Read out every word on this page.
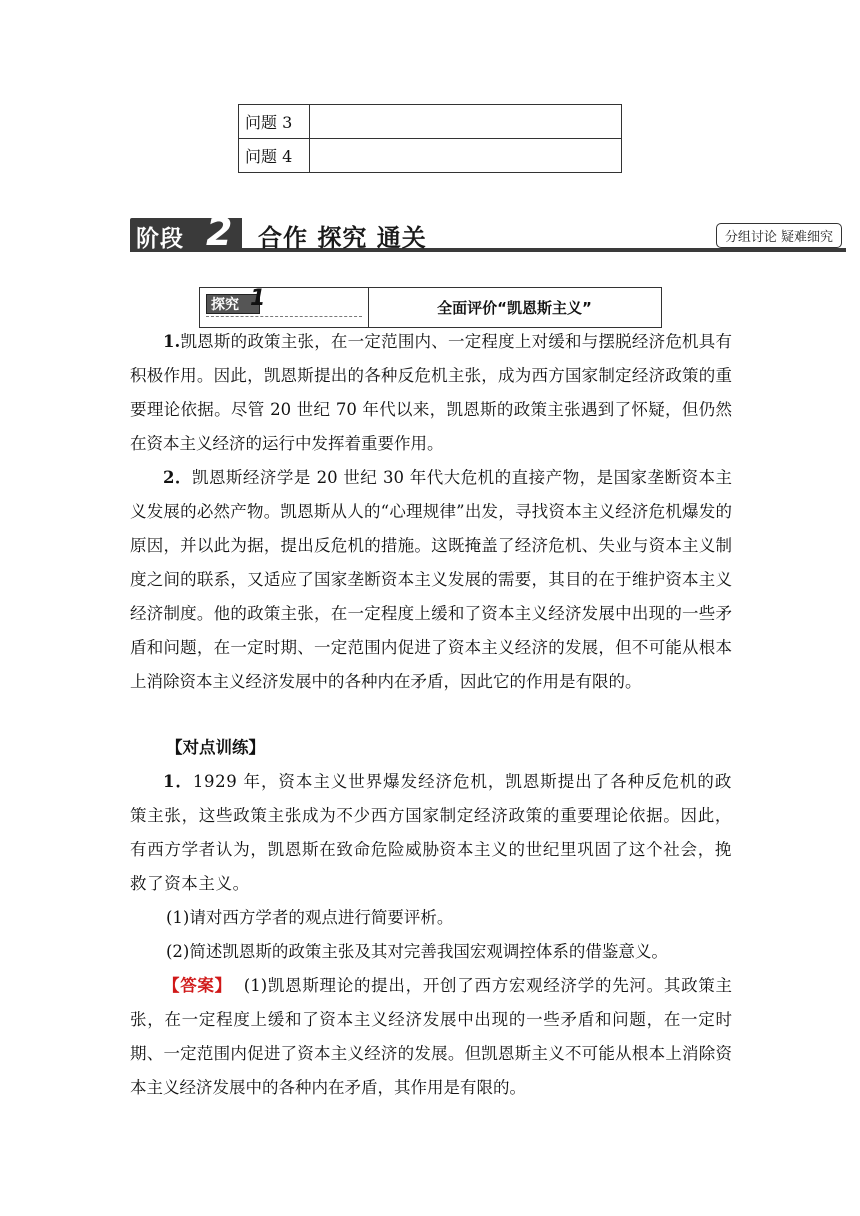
问题 3	
问题 4	
阶段 2 合作 探究 通关	分组讨论 疑难细究
探究 1	全面评价“凯恩斯主义”

1.凯恩斯的政策主张，在一定范围内、一定程度上对缓和与摆脱经济危机具有积极作用。因此，凯恩斯提出的各种反危机主张，成为西方国家制定经济政策的重要理论依据。尽管 20 世纪 70 年代以来，凯恩斯的政策主张遇到了怀疑，但仍然在资本主义经济的运行中发挥着重要作用。

2．凯恩斯经济学是 20 世纪 30 年代大危机的直接产物，是国家垄断资本主义发展的必然产物。凯恩斯从人的“心理规律”出发，寻找资本主义经济危机爆发的原因，并以此为据，提出反危机的措施。这既掩盖了经济危机、失业与资本主义制度之间的联系，又适应了国家垄断资本主义发展的需要，其目的在于维护资本主义经济制度。他的政策主张，在一定程度上缓和了资本主义经济发展中出现的一些矛盾和问题，在一定时期、一定范围内促进了资本主义经济的发展，但不可能从根本上消除资本主义经济发展中的各种内在矛盾，因此它的作用是有限的。

【对点训练】

1．1929 年，资本主义世界爆发经济危机，凯恩斯提出了各种反危机的政策主张，这些政策主张成为不少西方国家制定经济政策的重要理论依据。因此，有西方学者认为，凯恩斯在致命危险威胁资本主义的世纪里巩固了这个社会，挽救了资本主义。

(1)请对西方学者的观点进行简要评析。
(2)简述凯恩斯的政策主张及其对完善我国宏观调控体系的借鉴意义。

【答案】 (1)凯恩斯理论的提出，开创了西方宏观经济学的先河。其政策主张，在一定程度上缓和了资本主义经济发展中出现的一些矛盾和问题，在一定时期、一定范围内促进了资本主义经济的发展。但凯恩斯主义不可能从根本上消除资本主义经济发展中的各种内在矛盾，其作用是有限的。
